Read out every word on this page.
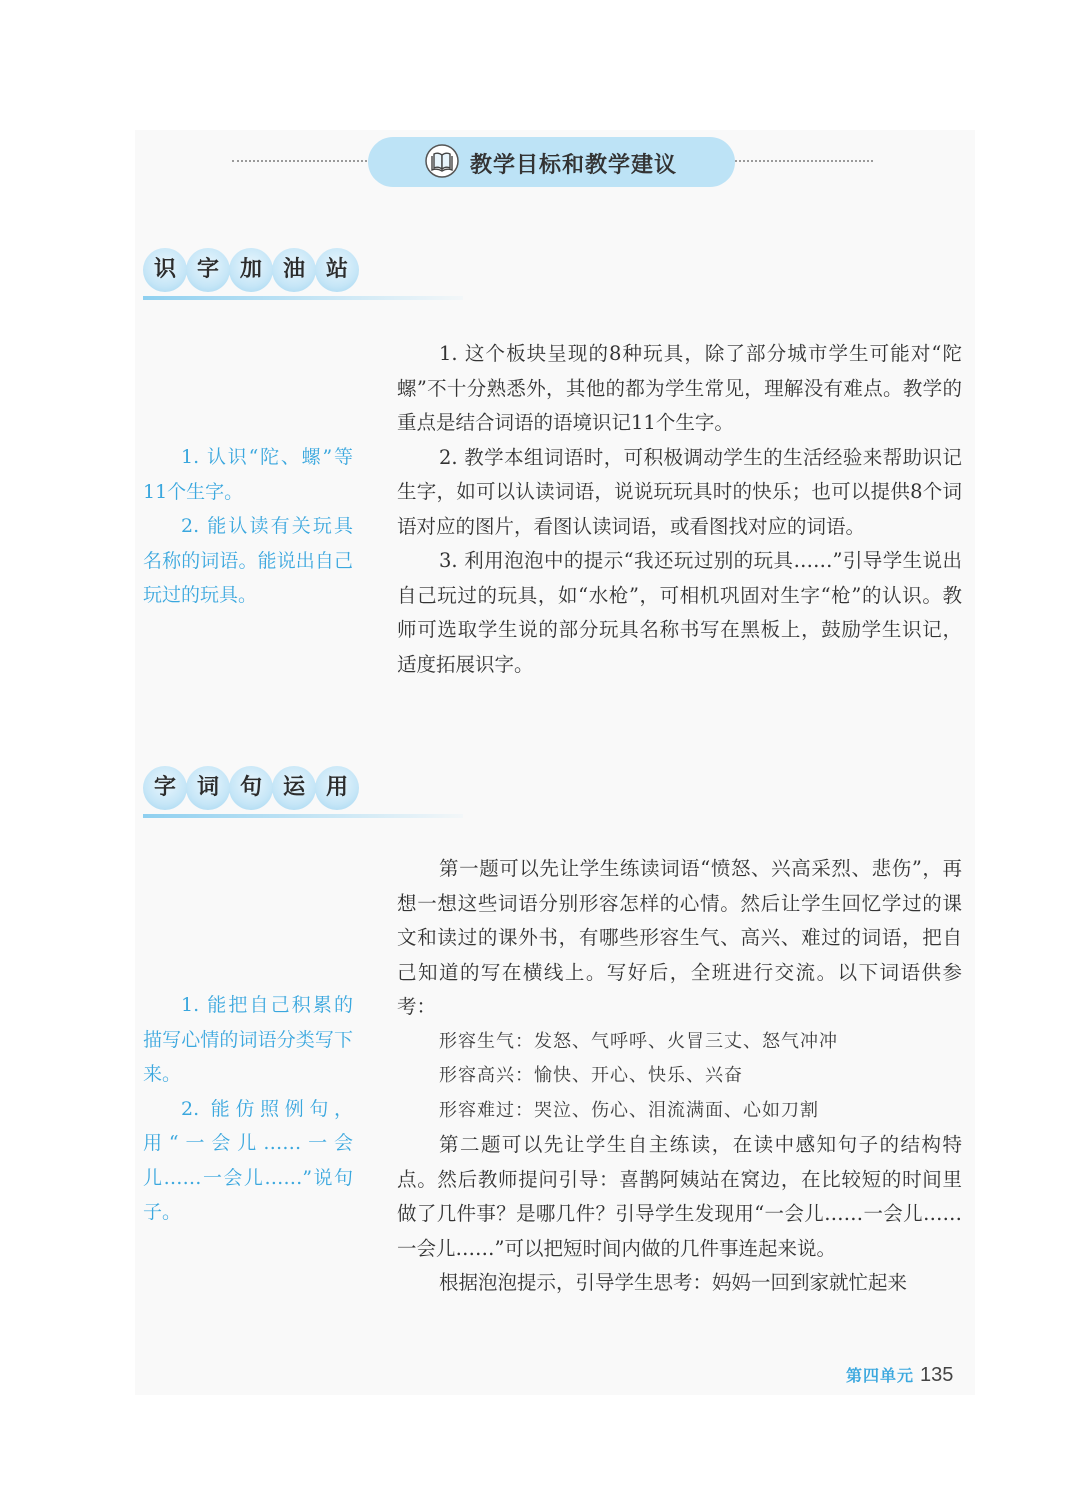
教学目标和教学建议
识 字 加 油 站

1. 认识“陀、螺”等11个生字。

2. 能认读有关玩具名称的词语。能说出自己玩过的玩具。

1. 这个板块呈现的8种玩具，除了部分城市学生可能对“陀螺”不十分熟悉外，其他的都为学生常见，理解没有难点。教学的重点是结合词语的语境识记11个生字。

2. 教学本组词语时，可积极调动学生的生活经验来帮助识记生字，如可以认读词语，说说玩玩具时的快乐；也可以提供8个词语对应的图片，看图认读词语，或看图找对应的词语。

3. 利用泡泡中的提示“我还玩过别的玩具……”引导学生说出自己玩过的玩具，如“水枪”，可相机巩固对生字“枪”的认识。教师可选取学生说的部分玩具名称书写在黑板上，鼓励学生识记，适度拓展识字。

字 词 句 运 用

1. 能把自己积累的描写心情的词语分类写下来。

2. 能仿照例句，用“一会儿……一会儿……一会儿……”说句子。

第一题可以先让学生练读词语“愤怒、兴高采烈、悲伤”，再想一想这些词语分别形容怎样的心情。然后让学生回忆学过的课文和读过的课外书，有哪些形容生气、高兴、难过的词语，把自己知道的写在横线上。写好后，全班进行交流。以下词语供参考：

形容生气：发怒、气呼呼、火冒三丈、怒气冲冲

形容高兴：愉快、开心、快乐、兴奋

形容难过：哭泣、伤心、泪流满面、心如刀割

第二题可以先让学生自主练读，在读中感知句子的结构特点。然后教师提问引导：喜鹊阿姨站在窝边，在比较短的时间里做了几件事？是哪几件？引导学生发现用“一会儿……一会儿……一会儿……”可以把短时间内做的几件事连起来说。

根据泡泡提示，引导学生思考：妈妈一回到家就忙起来

第四单元 135
